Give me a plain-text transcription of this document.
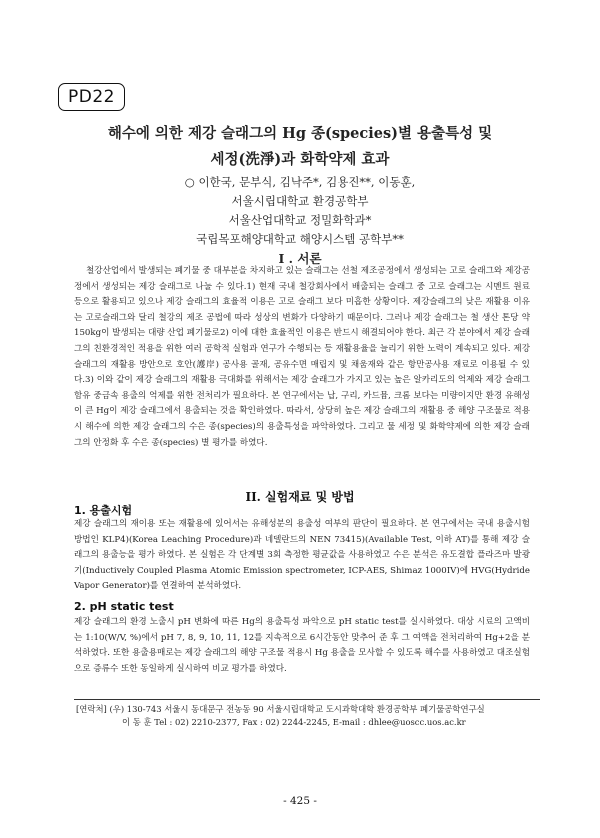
PD22
해수에 의한 제강 슬래그의 Hg 종(species)별 용출특성 및
세정(洗淨)과 화학약제 효과
○ 이한국, 문부식, 김낙주*, 김용진**, 이동훈,
서울시립대학교 환경공학부
서울산업대학교 정밀화학과*
국립목포해양대학교 해양시스템 공학부**
I . 서론

철강산업에서 발생되는 폐기물 중 대부분을 차지하고 있는 슬래그는 선철 제조공정에서 생성되는 고로 슬래그와 제강공정에서 생성되는 제강 슬래그로 나눌 수 있다.1) 현재 국내 철강회사에서 배출되는 슬래그 중 고로 슬래그는 시멘트 원료 등으로 활용되고 있으나 제강 슬래그의 효율적 이용은 고로 슬래그 보다 미흡한 상황이다. 제강슬래그의 낮은 재활용 이유는 고로슬래그와 달리 철강의 제조 공법에 따라 성상의 변화가 다양하기 때문이다. 그러나 제강 슬래그는 철 생산 톤당 약 150kg이 발생되는 대량 산업 폐기물로2) 이에 대한 효율적인 이용은 반드시 해결되어야 한다. 최근 각 분야에서 제강 슬래그의 친환경적인 적용을 위한 여러 공학적 실험과 연구가 수행되는 등 재활용율을 늘리기 위한 노력이 계속되고 있다. 제강슬래그의 재활용 방안으로 호안(護岸) 공사용 골재, 공유수면 매립지 및 채움재와 같은 항만공사용 재료로 이용될 수 있다.3) 이와 같이 제강 슬래그의 재활용 극대화를 위해서는 제강 슬래그가 가지고 있는 높은 알카리도의 억제와 제강 슬래그 함유 중금속 용출의 억제를 위한 전처리가 필요하다. 본 연구에서는 납, 구리, 카드뮴, 크롬 보다는 미량이지만 환경 유해성이 큰 Hg이 제강 슬래그에서 용출되는 것을 확인하였다. 따라서, 상당히 높은 제강 슬래그의 재활용 중 해양 구조물로 적용시 해수에 의한 제강 슬래그의 수은 종(species)의 용출특성을 파악하였다. 그리고 물 세정 및 화학약제에 의한 제강 슬래그의 안정화 후 수은 종(species) 별 평가를 하였다.

II. 실험재료 및 방법
1. 용출시험

제강 슬래그의 재이용 또는 재활용에 있어서는 유해성분의 용출성 여부의 판단이 필요하다. 본 연구에서는 국내 용출시험방법인 KLP4)(Korea Leaching Procedure)과 네델란드의 NEN 73415)(Available Test, 이하 AT)를 통해 제강 슬래그의 용출능을 평가 하였다. 본 실험은 각 단계별 3회 측정한 평균값을 사용하였고 수은 분석은 유도결합 플라즈마 발광기(Inductively Coupled Plasma Atomic Emission spectrometer, ICP-AES, Shimaz 1000IV)에 HVG(Hydride Vapor Generator)를 연결하여 분석하였다.

2. pH static test

제강 슬래그의 환경 노출시 pH 변화에 따른 Hg의 용출특성 파악으로 pH static test를 실시하였다. 대상 시료의 고액비는 1:10(W/V, %)에서 pH 7, 8, 9, 10, 11, 12를 지속적으로 6시간동안 맞추어 준 후 그 여액을 전처리하여 Hg+2을 분석하였다. 또한 용출용매로는 제강 슬래그의 해양 구조물 적용시 Hg 용출을 모사할 수 있도록 해수를 사용하였고 대조실험으로 증류수 또한 동일하게 실시하여 비교 평가를 하였다.

[연락처] (우) 130-743 서울시 동대문구 전농동 90 서울시립대학교 도시과학대학 환경공학부 폐기물공학연구실
이 동 훈 Tel : 02) 2210-2377, Fax : 02) 2244-2245, E-mail : dhlee@uoscc.uos.ac.kr
- 425 -
